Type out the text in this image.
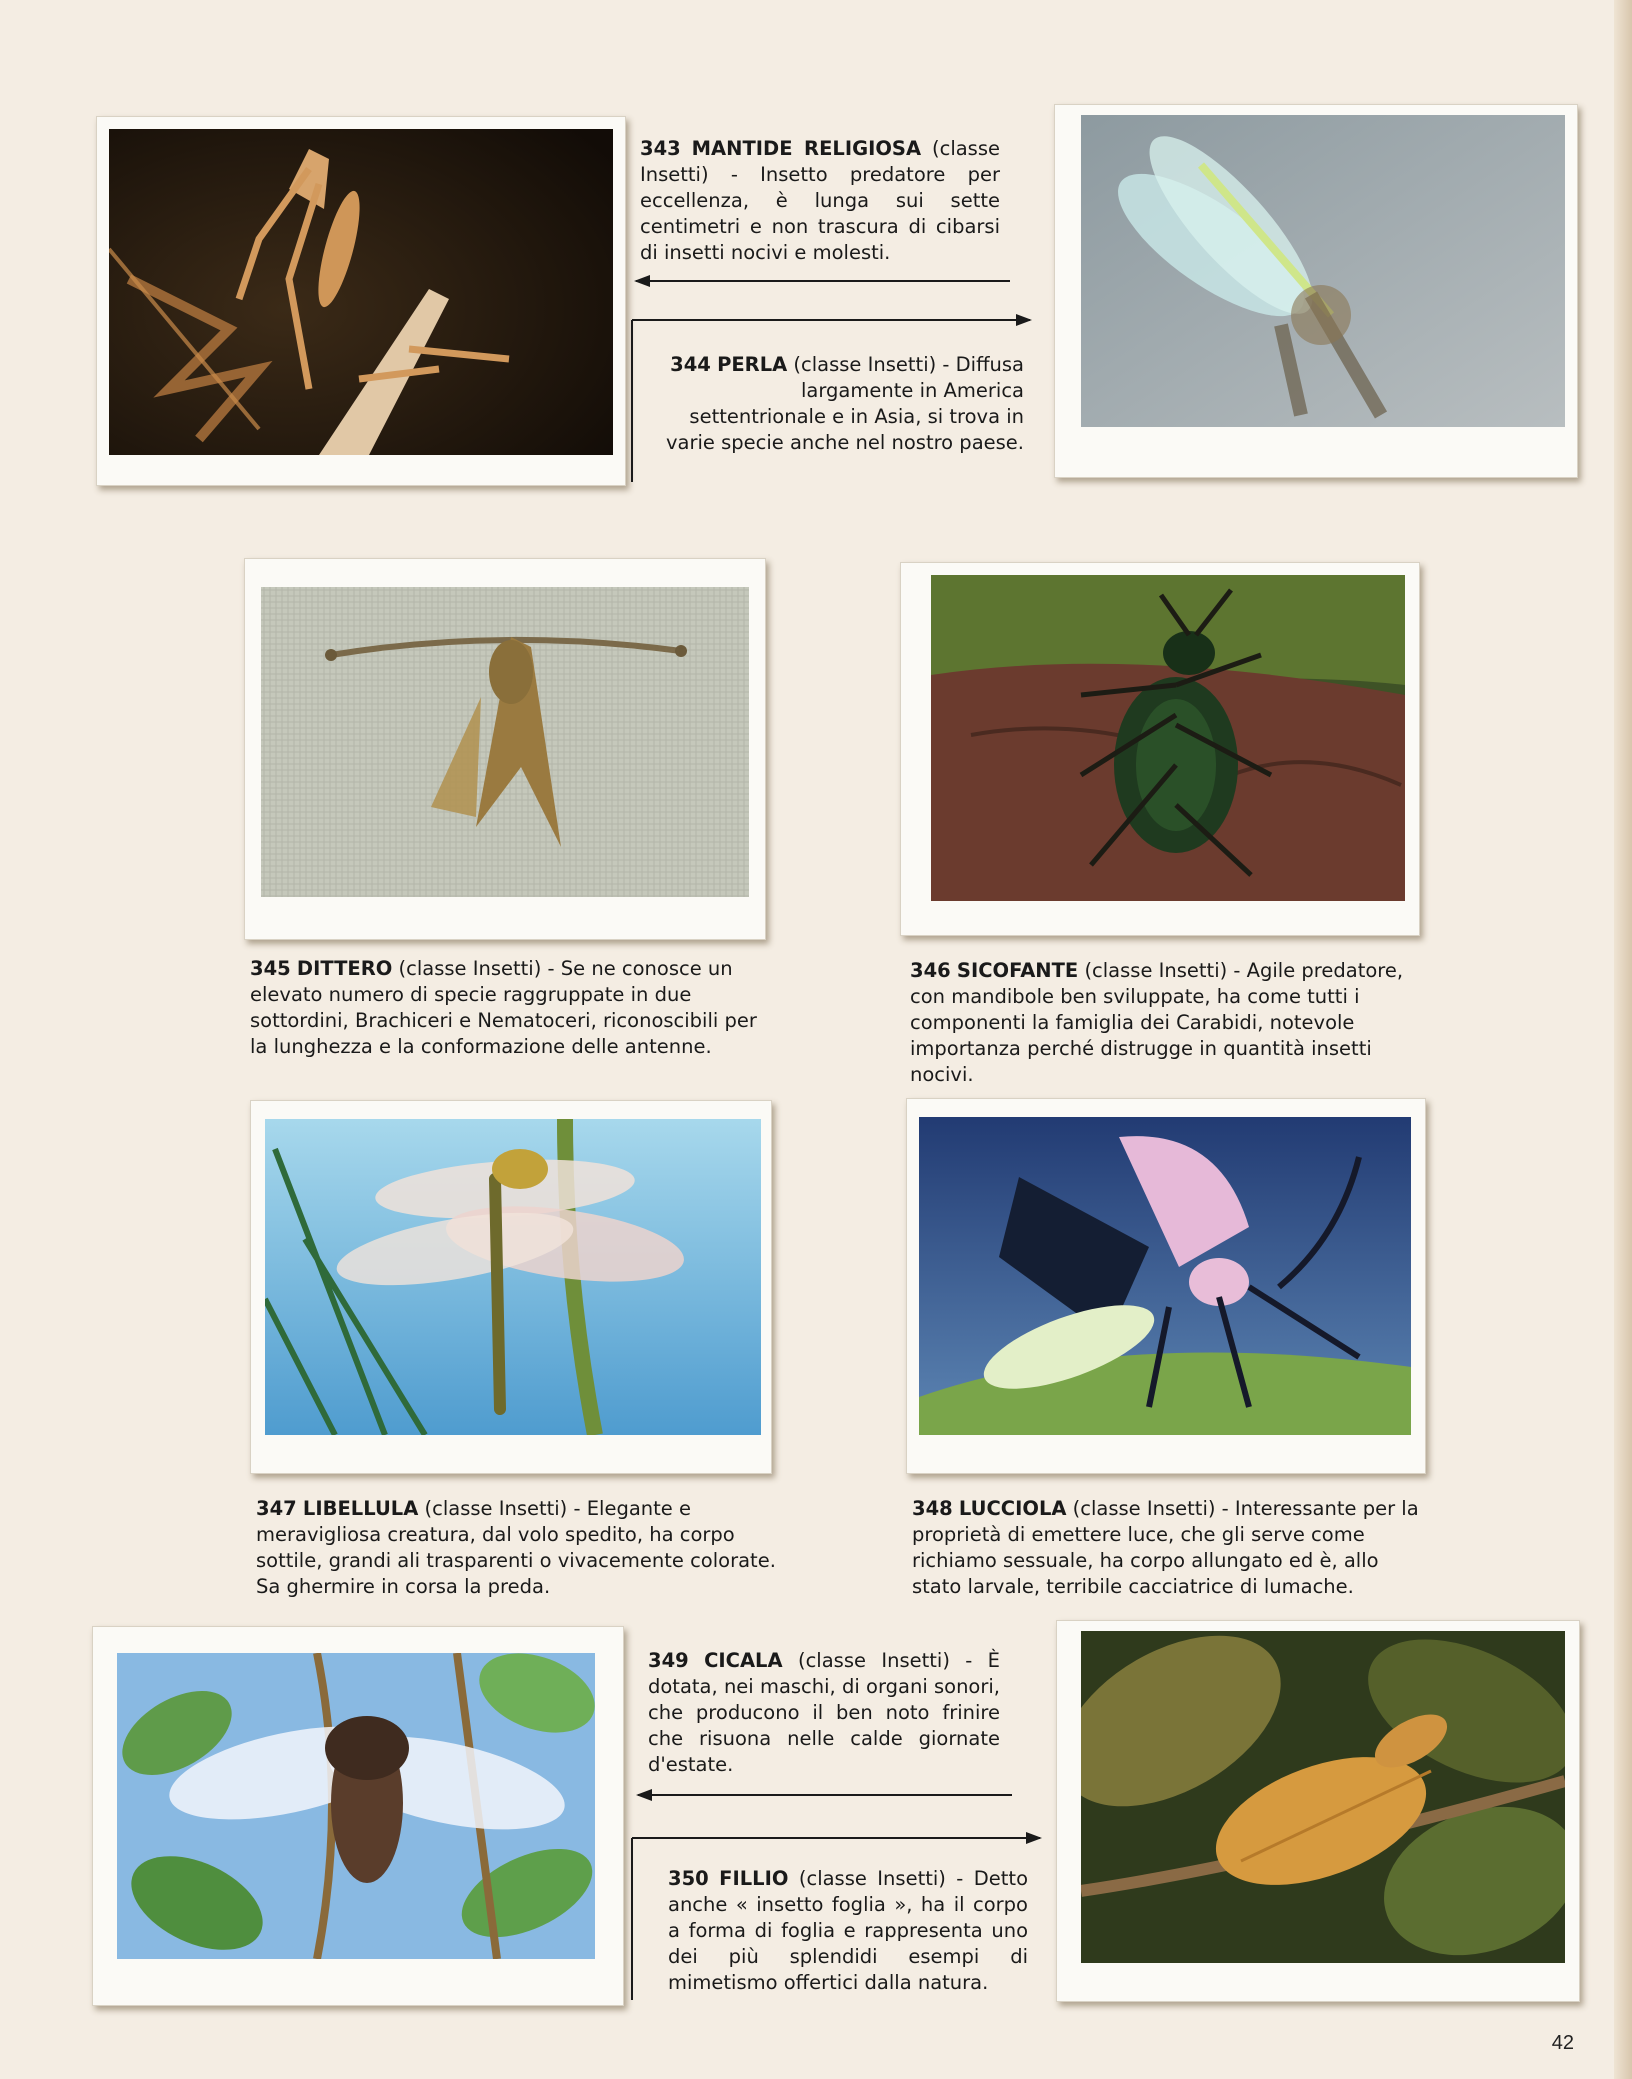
343 MANTIDE RELIGIOSA (classe Insetti) - Insetto predatore per eccellenza, è lunga sui sette centimetri e non trascura di cibarsi di insetti nocivi e molesti.
344 PERLA (classe Insetti) - Diffusa largamente in America settentrionale e in Asia, si trova in varie specie anche nel nostro paese.
345 DITTERO (classe Insetti) - Se ne conosce un elevato numero di specie raggruppate in due sottordini, Brachiceri e Nematoceri, riconoscibili per la lunghezza e la conformazione delle antenne.
346 SICOFANTE (classe Insetti) - Agile predatore, con mandibole ben sviluppate, ha come tutti i componenti la famiglia dei Carabidi, notevole importanza perché distrugge in quantità insetti nocivi.
347 LIBELLULA (classe Insetti) - Elegante e meravigliosa creatura, dal volo spedito, ha corpo sottile, grandi ali trasparenti o vivacemente colorate. Sa ghermire in corsa la preda.
348 LUCCIOLA (classe Insetti) - Interessante per la proprietà di emettere luce, che gli serve come richiamo sessuale, ha corpo allungato ed è, allo stato larvale, terribile cacciatrice di lumache.
349 CICALA (classe Insetti) - È dotata, nei maschi, di organi sonori, che producono il ben noto frinire che risuona nelle calde giornate d'estate.
350 FILLIO (classe Insetti) - Detto anche « insetto foglia », ha il corpo a forma di foglia e rappresenta uno dei più splendidi esempi di mimetismo offertici dalla natura.
42
